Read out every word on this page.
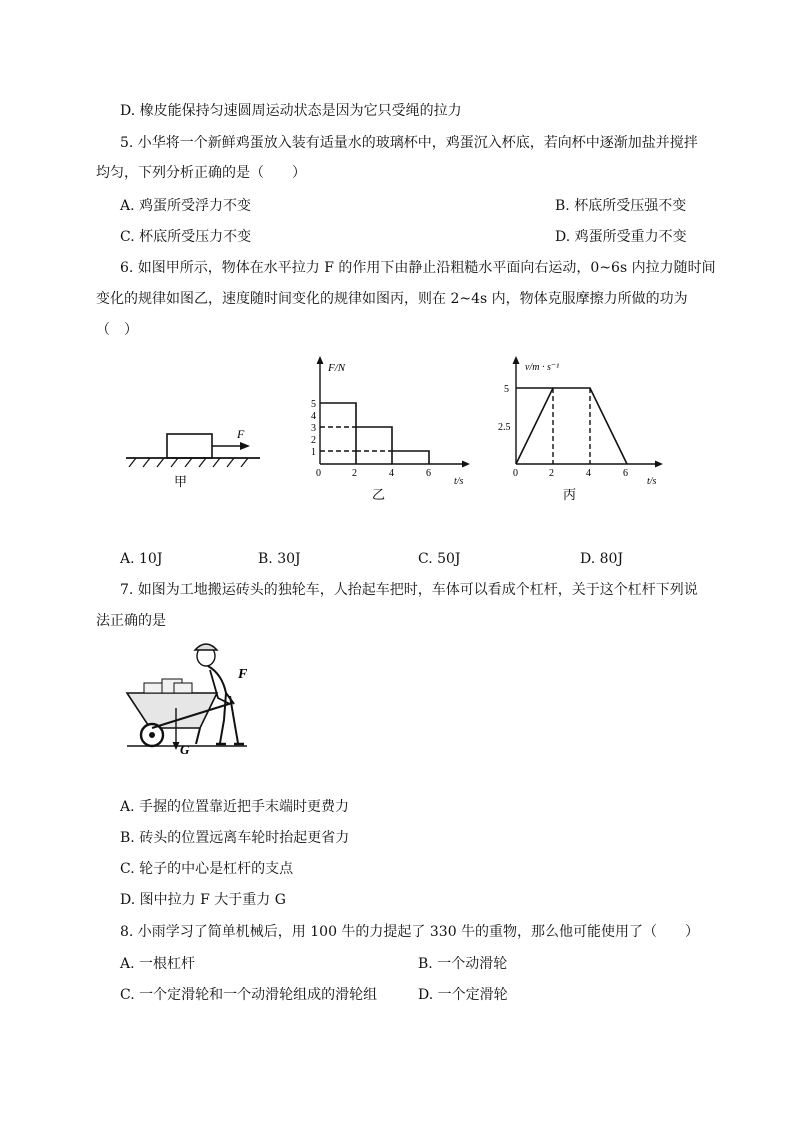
D. 橡皮能保持匀速圆周运动状态是因为它只受绳的拉力
5. 小华将一个新鲜鸡蛋放入装有适量水的玻璃杯中，鸡蛋沉入杯底，若向杯中逐渐加盐并搅拌
均匀，下列分析正确的是（　　）
A. 鸡蛋所受浮力不变	B. 杯底所受压强不变
C. 杯底所受压力不变	D. 鸡蛋所受重力不变
6. 如图甲所示，物体在水平拉力 F 的作用下由静止沿粗糙水平面向右运动，0~6s 内拉力随时间
变化的规律如图乙，速度随时间变化的规律如图丙，则在 2~4s 内，物体克服摩擦力所做的功为
（　）
F
甲
F/N
t/s
1
2
3
4
5
0	2	4	6
乙
v/m · s⁻¹
t/s
2.5
5
0	2	4	6
丙
A. 10J	B. 30J	C. 50J	D. 80J
7. 如图为工地搬运砖头的独轮车，人抬起车把时，车体可以看成个杠杆，关于这个杠杆下列说
法正确的是
G
F
A. 手握的位置靠近把手末端时更费力
B. 砖头的位置远离车轮时抬起更省力
C. 轮子的中心是杠杆的支点
D. 图中拉力 F 大于重力 G
8. 小雨学习了简单机械后，用 100 牛的力提起了 330 牛的重物，那么他可能使用了（　　）
A. 一根杠杆	B. 一个动滑轮
C. 一个定滑轮和一个动滑轮组成的滑轮组	D. 一个定滑轮
